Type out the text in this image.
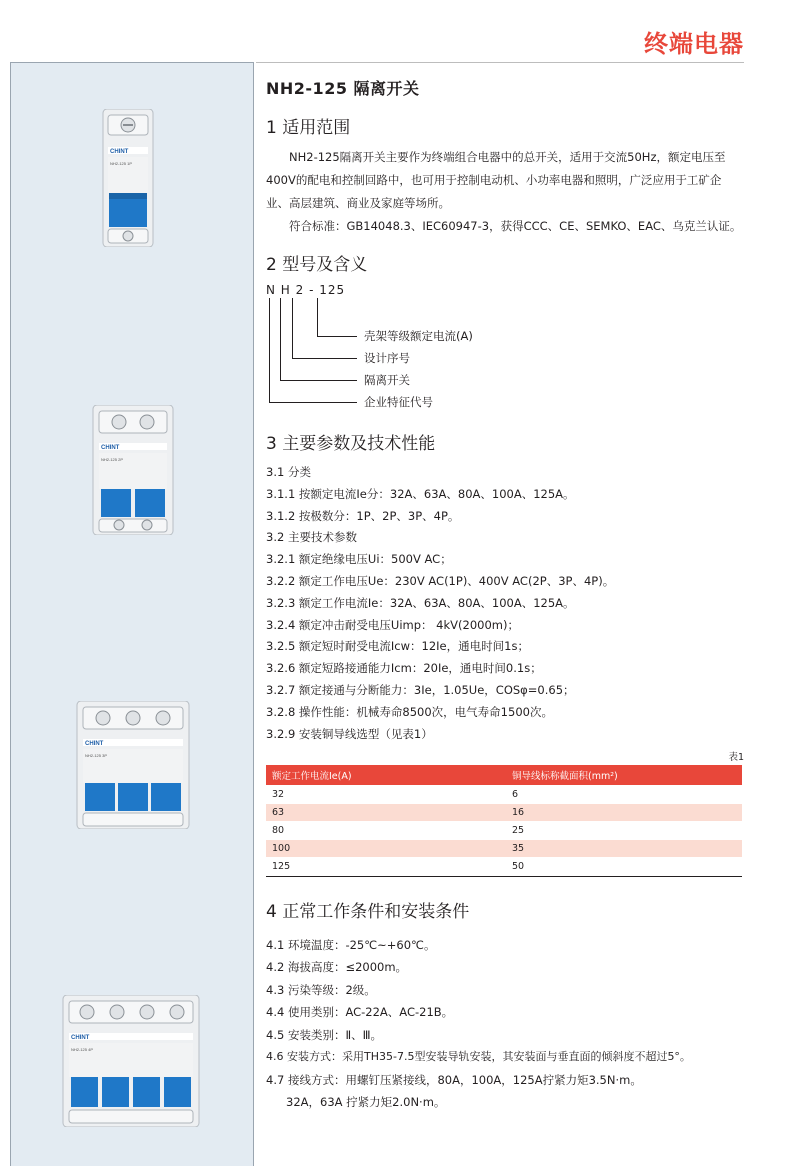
终端电器
CHINT
NH2-125 1P
CHINT
NH2-125 2P
CHINT
NH2-125 3P
CHINT
NH2-125 4P
NH2-125 隔离开关
1 适用范围
NH2-125隔离开关主要作为终端组合电器中的总开关，适用于交流50Hz，额定电压至400V的配电和控制回路中，也可用于控制电动机、小功率电器和照明，广泛应用于工矿企业、高层建筑、商业及家庭等场所。
符合标准：GB14048.3、IEC60947-3，获得CCC、CE、SEMKO、EAC、乌克兰认证。
2 型号及含义
N H 2 - 125
壳架等级额定电流(A)
设计序号
隔离开关
企业特征代号
3 主要参数及技术性能
3.1 分类
3.1.1 按额定电流Ie分：32A、63A、80A、100A、125A。
3.1.2 按极数分：1P、2P、3P、4P。
3.2 主要技术参数
3.2.1 额定绝缘电压Ui：500V AC；
3.2.2 额定工作电压Ue：230V AC(1P)、400V AC(2P、3P、4P)。
3.2.3 额定工作电流Ie：32A、63A、80A、100A、125A。
3.2.4 额定冲击耐受电压Uimp： 4kV(2000m)；
3.2.5 额定短时耐受电流Icw：12Ie，通电时间1s；
3.2.6 额定短路接通能力Icm：20Ie，通电时间0.1s；
3.2.7 额定接通与分断能力：3Ie，1.05Ue，COSφ=0.65；
3.2.8 操作性能：机械寿命8500次，电气寿命1500次。
3.2.9 安装铜导线选型（见表1）
表1
额定工作电流Ie(A)	铜导线标称截面积(mm²)
32	6
63	16
80	25
100	35
125	50
4 正常工作条件和安装条件
4.1 环境温度：-25℃~+60℃。
4.2 海拔高度：≤2000m。
4.3 污染等级：2级。
4.4 使用类别：AC-22A、AC-21B。
4.5 安装类别：Ⅱ、Ⅲ。
4.6 安装方式：采用TH35-7.5型安装导轨安装，其安装面与垂直面的倾斜度不超过5°。
4.7 接线方式：用螺钉压紧接线，80A，100A，125A拧紧力矩3.5N·m。
32A，63A 拧紧力矩2.0N·m。
